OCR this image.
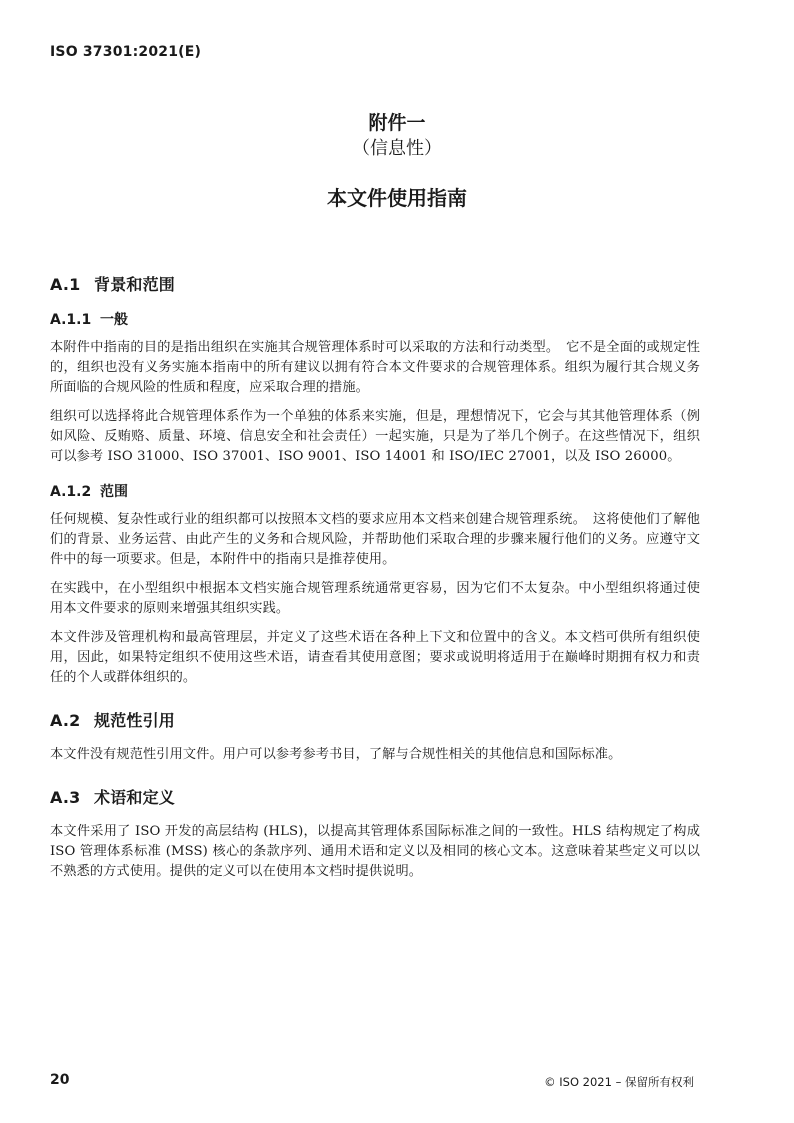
ISO 37301:2021(E)
附件一
（信息性）
本文件使用指南
A.1 背景和范围
A.1.1 一般

本附件中指南的目的是指出组织在实施其合规管理体系时可以采取的方法和行动类型。　它不是全面的或规定性的，组织也没有义务实施本指南中的所有建议以拥有符合本文件要求的合规管理体系。组织为履行其合规义务所面临的合规风险的性质和程度，应采取合理的措施。

组织可以选择将此合规管理体系作为一个单独的体系来实施，但是，理想情况下，它会与其其他管理体系（例如风险、反贿赂、质量、环境、信息安全和社会责任）一起实施，只是为了举几个例子。在这些情况下，组织可以参考 ISO 31000、ISO 37001、ISO 9001、ISO 14001 和 ISO/IEC 27001，以及 ISO 26000。

A.1.2 范围

任何规模、复杂性或行业的组织都可以按照本文档的要求应用本文档来创建合规管理系统。　这将使他们了解他们的背景、业务运营、由此产生的义务和合规风险，并帮助他们采取合理的步骤来履行他们的义务。应遵守文件中的每一项要求。但是，本附件中的指南只是推荐使用。

在实践中，在小型组织中根据本文档实施合规管理系统通常更容易，因为它们不太复杂。中小型组织将通过使用本文件要求的原则来增强其组织实践。

本文件涉及管理机构和最高管理层，并定义了这些术语在各种上下文和位置中的含义。本文档可供所有组织使用，因此，如果特定组织不使用这些术语，请查看其使用意图；要求或说明将适用于在巅峰时期拥有权力和责任的个人或群体组织的。

A.2 规范性引用

本文件没有规范性引用文件。用户可以参考参考书目，了解与合规性相关的其他信息和国际标准。

A.3 术语和定义

本文件采用了 ISO 开发的高层结构 (HLS)，以提高其管理体系国际标准之间的一致性。HLS 结构规定了构成 ISO 管理体系标准 (MSS) 核心的条款序列、通用术语和定义以及相同的核心文本。这意味着某些定义可以以不熟悉的方式使用。提供的定义可以在使用本文档时提供说明。

20	© ISO 2021 – 保留所有权利
